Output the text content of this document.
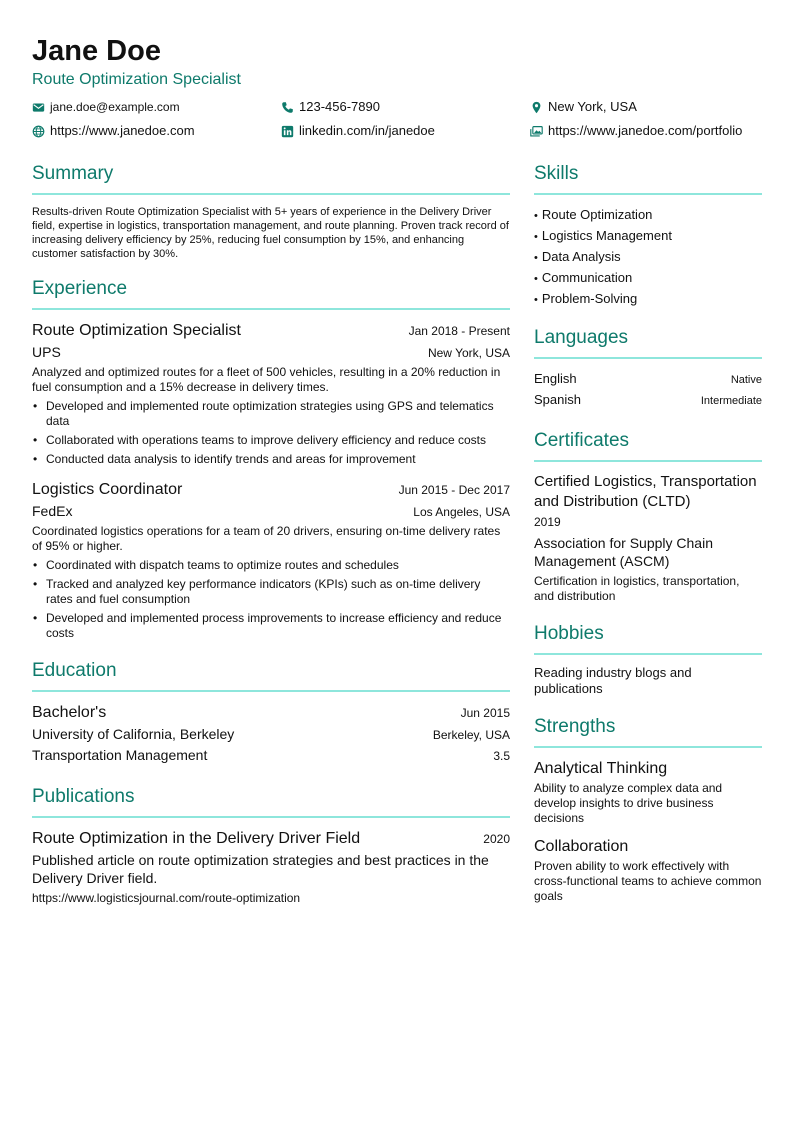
Jane Doe
Route Optimization Specialist
jane.doe@example.com	123-456-7890	New York, USA
https://www.janedoe.com	linkedin.com/in/janedoe	https://www.janedoe.com/portfolio
Summary
Results-driven Route Optimization Specialist with 5+ years of experience in the Delivery Driver field, expertise in logistics, transportation management, and route planning. Proven track record of increasing delivery efficiency by 25%, reducing fuel consumption by 15%, and enhancing customer satisfaction by 30%.
Experience
Route Optimization Specialist	Jan 2018 - Present
UPS	New York, USA
Analyzed and optimized routes for a fleet of 500 vehicles, resulting in a 20% reduction in fuel consumption and a 15% decrease in delivery times.
• Developed and implemented route optimization strategies using GPS and telematics data
• Collaborated with operations teams to improve delivery efficiency and reduce costs
• Conducted data analysis to identify trends and areas for improvement
Logistics Coordinator	Jun 2015 - Dec 2017
FedEx	Los Angeles, USA
Coordinated logistics operations for a team of 20 drivers, ensuring on-time delivery rates of 95% or higher.
• Coordinated with dispatch teams to optimize routes and schedules
• Tracked and analyzed key performance indicators (KPIs) such as on-time delivery rates and fuel consumption
• Developed and implemented process improvements to increase efficiency and reduce costs
Education
Bachelor's	Jun 2015
University of California, Berkeley	Berkeley, USA
Transportation Management	3.5
Publications
Route Optimization in the Delivery Driver Field	2020
Published article on route optimization strategies and best practices in the Delivery Driver field.
https://www.logisticsjournal.com/route-optimization
Skills
• Route Optimization
• Logistics Management
• Data Analysis
• Communication
• Problem-Solving
Languages
English	Native
Spanish	Intermediate
Certificates
Certified Logistics, Transportation and Distribution (CLTD)
2019
Association for Supply Chain Management (ASCM)
Certification in logistics, transportation, and distribution
Hobbies
Reading industry blogs and publications
Strengths
Analytical Thinking
Ability to analyze complex data and develop insights to drive business decisions
Collaboration
Proven ability to work effectively with cross-functional teams to achieve common goals
